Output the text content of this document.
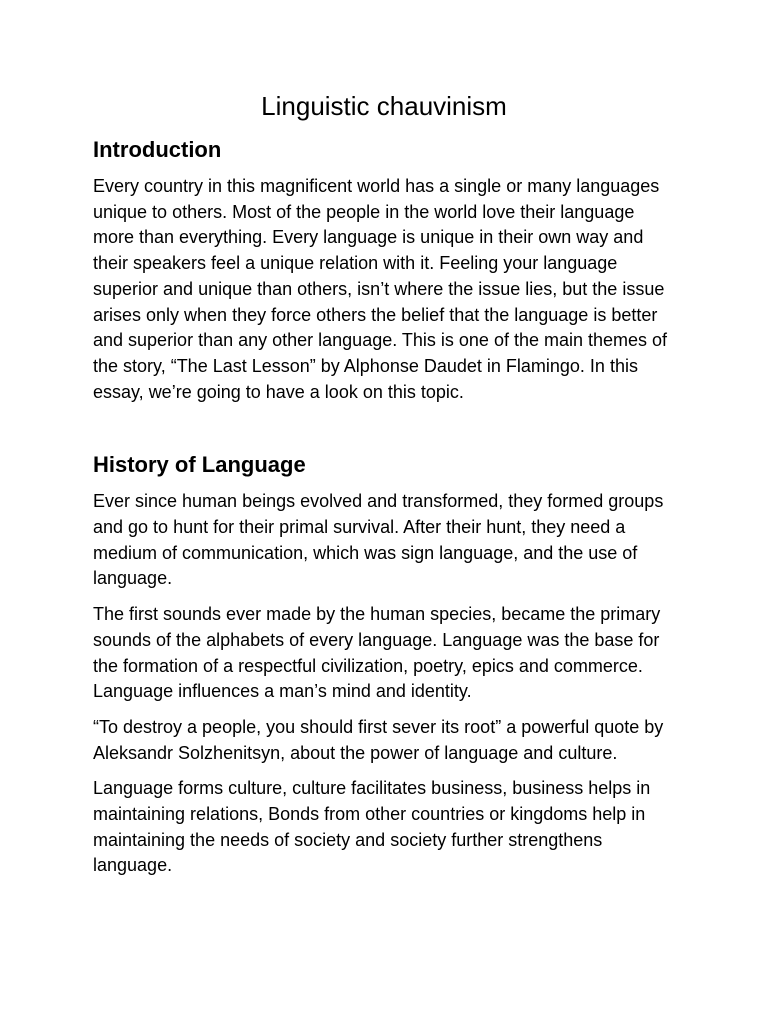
Linguistic chauvinism
Introduction

Every country in this magnificent world has a single or many languages unique to others. Most of the people in the world love their language more than everything. Every language is unique in their own way and their speakers feel a unique relation with it. Feeling your language superior and unique than others, isn’t where the issue lies, but the issue arises only when they force others the belief that the language is better and superior than any other language. This is one of the main themes of the story, “The Last Lesson” by Alphonse Daudet in Flamingo. In this essay, we’re going to have a look on this topic.

History of Language

Ever since human beings evolved and transformed, they formed groups and go to hunt for their primal survival. After their hunt, they need a medium of communication, which was sign language, and the use of language.

The first sounds ever made by the human species, became the primary sounds of the alphabets of every language. Language was the base for the formation of a respectful civilization, poetry, epics and commerce. Language influences a man’s mind and identity.

“To destroy a people, you should first sever its root” a powerful quote by Aleksandr Solzhenitsyn, about the power of language and culture.

Language forms culture, culture facilitates business, business helps in maintaining relations, Bonds from other countries or kingdoms help in maintaining the needs of society and society further strengthens language.
